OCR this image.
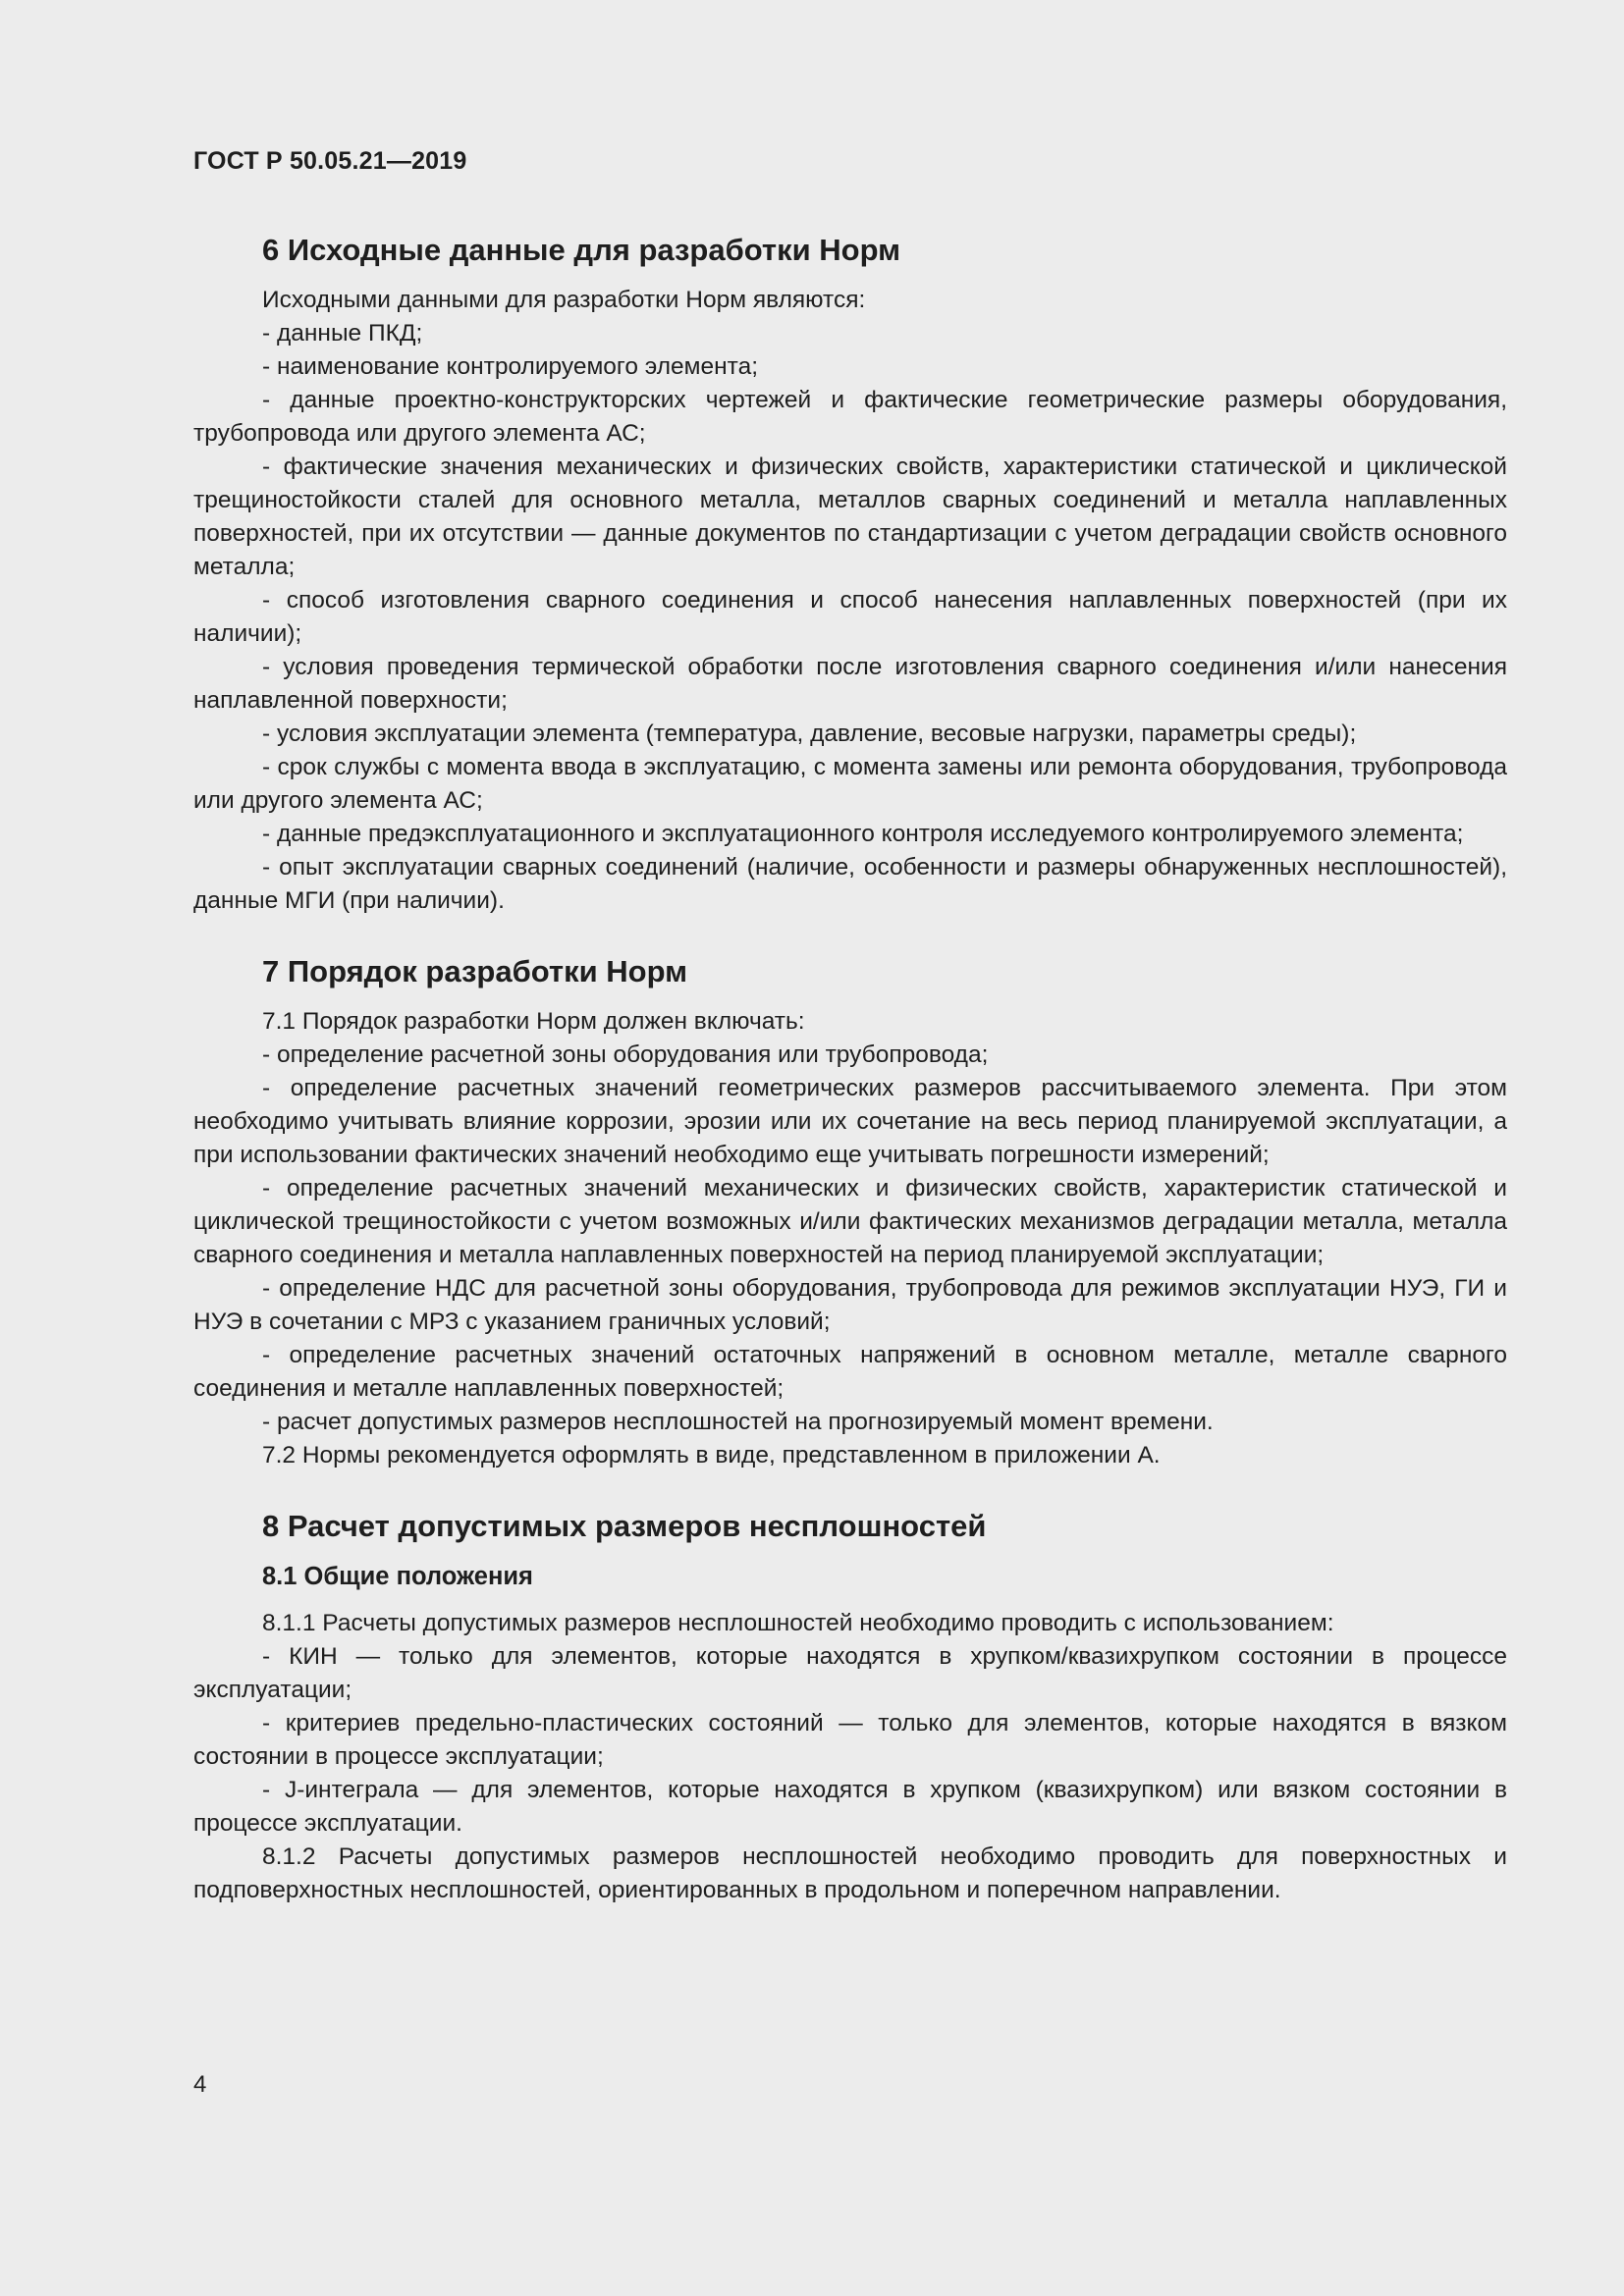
ГОСТ Р 50.05.21—2019
6 Исходные данные для разработки Норм

Исходными данными для разработки Норм являются:

- данные ПКД;

- наименование контролируемого элемента;

- данные проектно-конструкторских чертежей и фактические геометрические размеры оборудования, трубопровода или другого элемента АС;

- фактические значения механических и физических свойств, характеристики статической и циклической трещиностойкости сталей для основного металла, металлов сварных соединений и металла наплавленных поверхностей, при их отсутствии — данные документов по стандартизации с учетом деградации свойств основного металла;

- способ изготовления сварного соединения и способ нанесения наплавленных поверхностей (при их наличии);

- условия проведения термической обработки после изготовления сварного соединения и/или нанесения наплавленной поверхности;

- условия эксплуатации элемента (температура, давление, весовые нагрузки, параметры среды);

- срок службы с момента ввода в эксплуатацию, с момента замены или ремонта оборудования, трубопровода или другого элемента АС;

- данные предэксплуатационного и эксплуатационного контроля исследуемого контролируемого элемента;

- опыт эксплуатации сварных соединений (наличие, особенности и размеры обнаруженных несплошностей), данные МГИ (при наличии).

7 Порядок разработки Норм

7.1 Порядок разработки Норм должен включать:

- определение расчетной зоны оборудования или трубопровода;

- определение расчетных значений геометрических размеров рассчитываемого элемента. При этом необходимо учитывать влияние коррозии, эрозии или их сочетание на весь период планируемой эксплуатации, а при использовании фактических значений необходимо еще учитывать погрешности измерений;

- определение расчетных значений механических и физических свойств, характеристик статической и циклической трещиностойкости с учетом возможных и/или фактических механизмов деградации металла, металла сварного соединения и металла наплавленных поверхностей на период планируемой эксплуатации;

- определение НДС для расчетной зоны оборудования, трубопровода для режимов эксплуатации НУЭ, ГИ и НУЭ в сочетании с МРЗ с указанием граничных условий;

- определение расчетных значений остаточных напряжений в основном металле, металле сварного соединения и металле наплавленных поверхностей;

- расчет допустимых размеров несплошностей на прогнозируемый момент времени.

7.2 Нормы рекомендуется оформлять в виде, представленном в приложении А.

8 Расчет допустимых размеров несплошностей
8.1 Общие положения

8.1.1 Расчеты допустимых размеров несплошностей необходимо проводить с использованием:

- КИН — только для элементов, которые находятся в хрупком/квазихрупком состоянии в процессе эксплуатации;

- критериев предельно-пластических состояний — только для элементов, которые находятся в вязком состоянии в процессе эксплуатации;

- J-интеграла — для элементов, которые находятся в хрупком (квазихрупком) или вязком состоянии в процессе эксплуатации.

8.1.2 Расчеты допустимых размеров несплошностей необходимо проводить для поверхностных и подповерхностных несплошностей, ориентированных в продольном и поперечном направлении.

4
